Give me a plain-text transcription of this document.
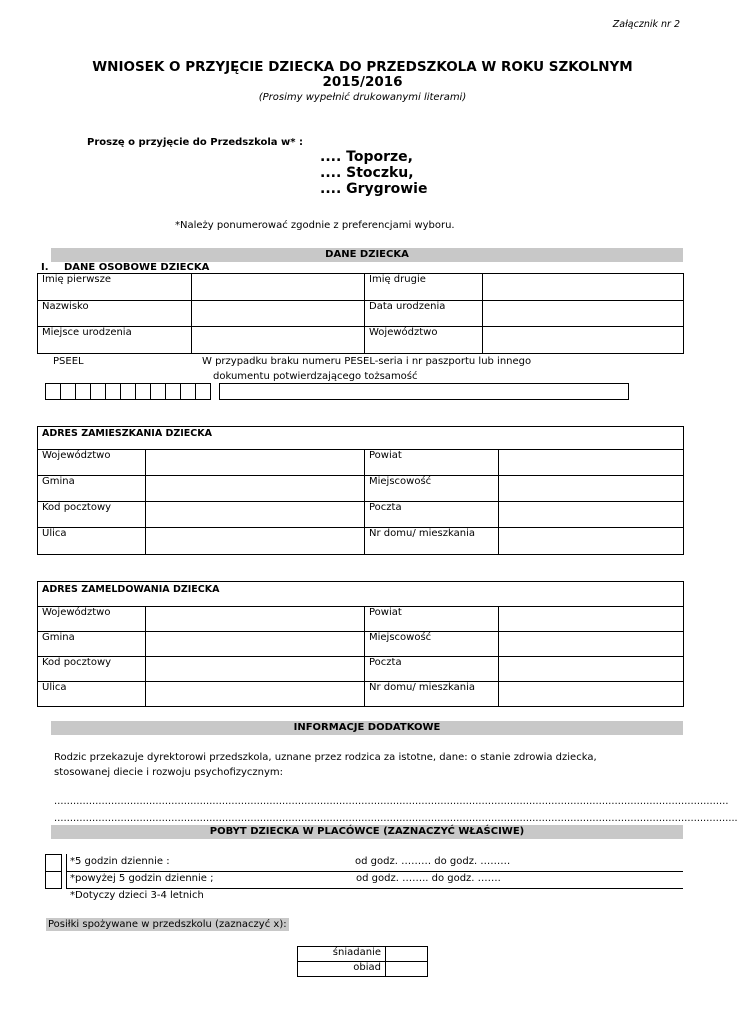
Załącznik nr 2
WNIOSEK O PRZYJĘCIE DZIECKA DO PRZEDSZKOLA W ROKU SZKOLNYM
2015/2016
(Prosimy wypełnić drukowanymi literami)
Proszę o przyjęcie do Przedszkola w* :
.... Toporze,
.... Stoczku,
.... Grygrowie
*Należy ponumerować zgodnie z preferencjami wyboru.
DANE DZIECKA
I. DANE OSOBOWE DZIECKA
Imię pierwsze		Imię drugie	
Nazwisko		Data urodzenia	
Miejsce urodzenia		Województwo	
PSEEL	W przypadku braku numeru PESEL-seria i nr paszportu lub innego
dokumentu potwierdzającego tożsamość
ADRES ZAMIESZKANIA DZIECKA			
Województwo		Powiat	
Gmina		Miejscowość	
Kod pocztowy		Poczta	
Ulica		Nr domu/ mieszkania	
ADRES ZAMELDOWANIA DZIECKA			
Województwo		Powiat	
Gmina		Miejscowość	
Kod pocztowy		Poczta	
Ulica		Nr domu/ mieszkania	
INFORMACJE DODATKOWE
Rodzic przekazuje dyrektorowi przedszkola, uznane przez rodzica za istotne, dane: o stanie zdrowia dziecka,
stosowanej diecie i rozwoju psychofizycznym:
……………………………………………………………………………………………………………………………………………………………………………………………
…………………………………………………………………………………………………………………………………………………………………………………….………..
POBYT DZIECKA W PLACÓWCE (ZAZNACZYĆ WŁAŚCIWE)
*5 godzin dziennie :	od godz. ……… do godz. ………
*powyżej 5 godzin dziennie ;	od godz. …….. do godz. …….
*Dotyczy dzieci 3-4 letnich
Posiłki spożywane w przedszkolu (zaznaczyć x):
śniadanie	
obiad	
